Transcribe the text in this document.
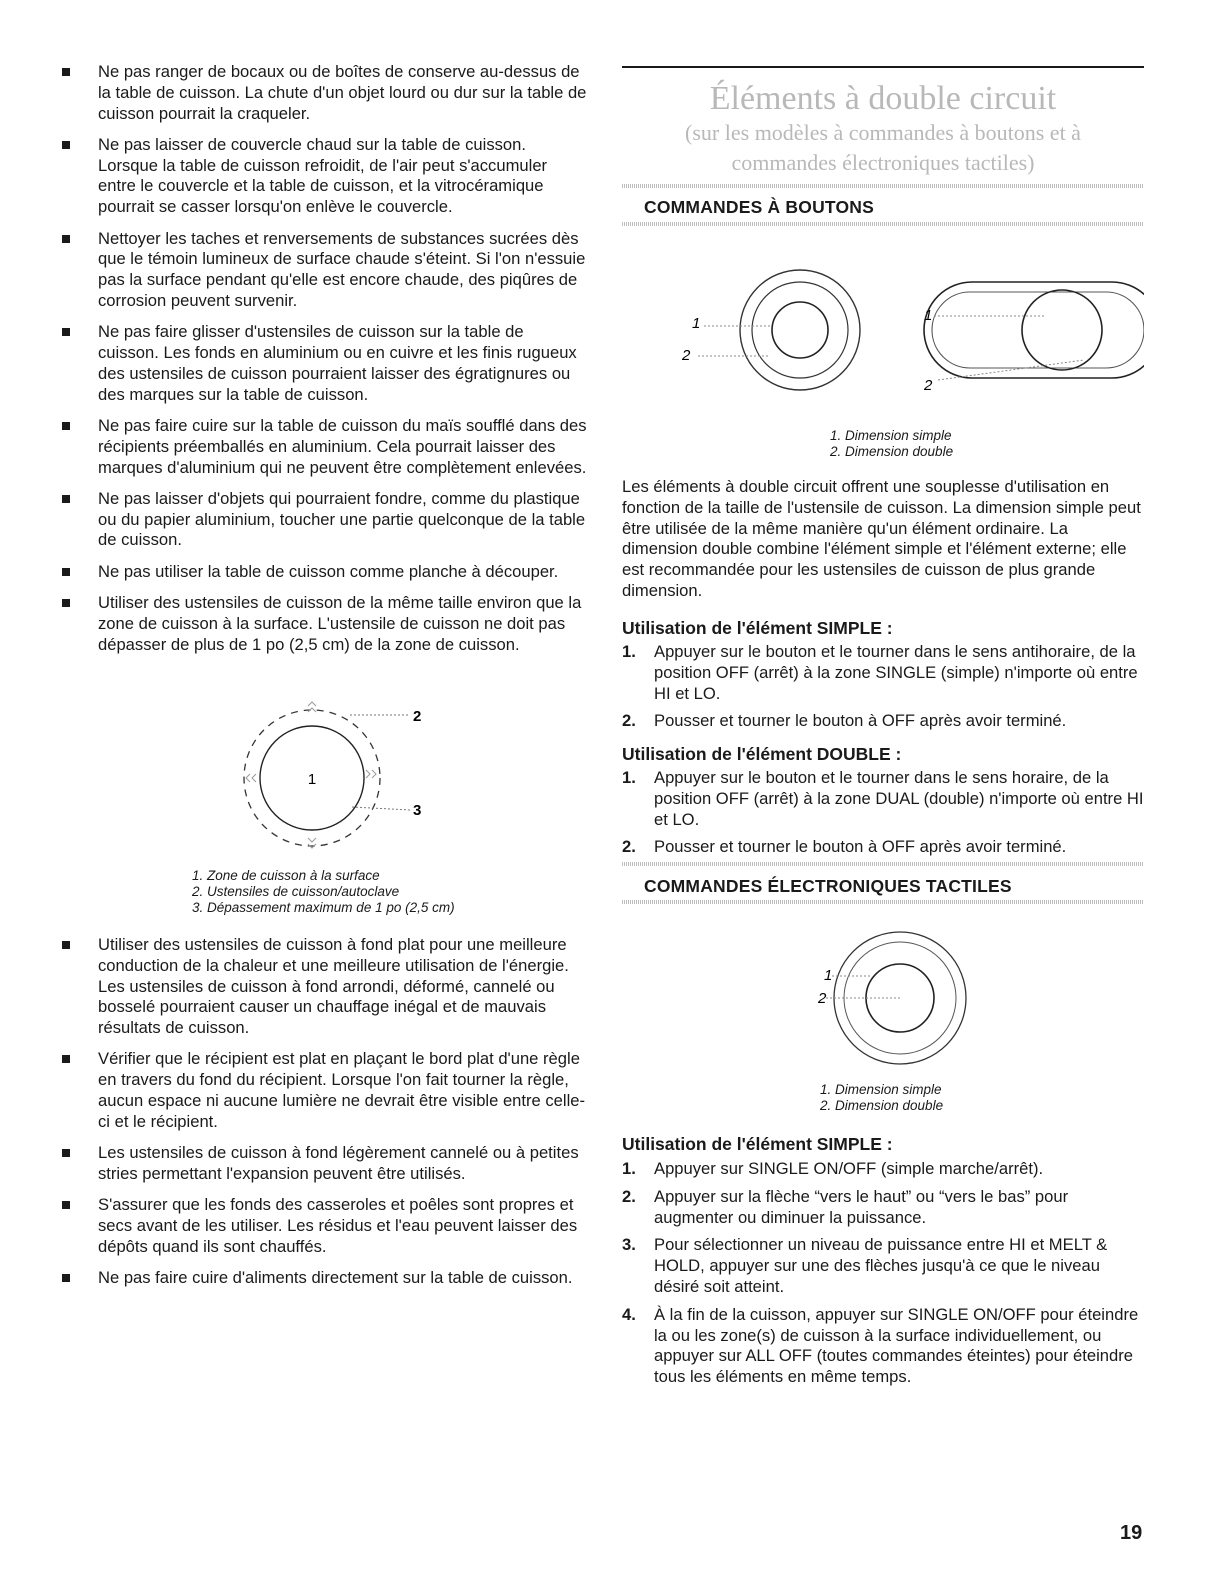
Ne pas ranger de bocaux ou de boîtes de conserve au-dessus de la table de cuisson. La chute d'un objet lourd ou dur sur la table de cuisson pourrait la craqueler.
Ne pas laisser de couvercle chaud sur la table de cuisson. Lorsque la table de cuisson refroidit, de l'air peut s'accumuler entre le couvercle et la table de cuisson, et la vitrocéramique pourrait se casser lorsqu'on enlève le couvercle.
Nettoyer les taches et renversements de substances sucrées dès que le témoin lumineux de surface chaude s'éteint. Si l'on n'essuie pas la surface pendant qu'elle est encore chaude, des piqûres de corrosion peuvent survenir.
Ne pas faire glisser d'ustensiles de cuisson sur la table de cuisson. Les fonds en aluminium ou en cuivre et les finis rugueux des ustensiles de cuisson pourraient laisser des égratignures ou des marques sur la table de cuisson.
Ne pas faire cuire sur la table de cuisson du maïs soufflé dans des récipients préemballés en aluminium. Cela pourrait laisser des marques d'aluminium qui ne peuvent être complètement enlevées.
Ne pas laisser d'objets qui pourraient fondre, comme du plastique ou du papier aluminium, toucher une partie quelconque de la table de cuisson.
Ne pas utiliser la table de cuisson comme planche à découper.
Utiliser des ustensiles de cuisson de la même taille environ que la zone de cuisson à la surface. L'ustensile de cuisson ne doit pas dépasser de plus de 1 po (2,5 cm) de la zone de cuisson.
1
2
3
1. Zone de cuisson à la surface
2. Ustensiles de cuisson/autoclave
3. Dépassement maximum de 1 po (2,5 cm)
Utiliser des ustensiles de cuisson à fond plat pour une meilleure conduction de la chaleur et une meilleure utilisation de l'énergie. Les ustensiles de cuisson à fond arrondi, déformé, cannelé ou bosselé pourraient causer un chauffage inégal et de mauvais résultats de cuisson.
Vérifier que le récipient est plat en plaçant le bord plat d'une règle en travers du fond du récipient. Lorsque l'on fait tourner la règle, aucun espace ni aucune lumière ne devrait être visible entre celle-ci et le récipient.
Les ustensiles de cuisson à fond légèrement cannelé ou à petites stries permettant l'expansion peuvent être utilisés.
S'assurer que les fonds des casseroles et poêles sont propres et secs avant de les utiliser. Les résidus et l'eau peuvent laisser des dépôts quand ils sont chauffés.
Ne pas faire cuire d'aliments directement sur la table de cuisson.
Éléments à double circuit
(sur les modèles à commandes à boutons et à
commandes électroniques tactiles)
COMMANDES À BOUTONS
1
2
1
2
1. Dimension simple
2. Dimension double

Les éléments à double circuit offrent une souplesse d'utilisation en fonction de la taille de l'ustensile de cuisson. La dimension simple peut être utilisée de la même manière qu'un élément ordinaire. La dimension double combine l'élément simple et l'élément externe; elle est recommandée pour les ustensiles de cuisson de plus grande dimension.

Utilisation de l'élément SIMPLE :
1. Appuyer sur le bouton et le tourner dans le sens antihoraire, de la position OFF (arrêt) à la zone SINGLE (simple) n'importe où entre HI et LO.
2. Pousser et tourner le bouton à OFF après avoir terminé.
Utilisation de l'élément DOUBLE :
1. Appuyer sur le bouton et le tourner dans le sens horaire, de la position OFF (arrêt) à la zone DUAL (double) n'importe où entre HI et LO.
2. Pousser et tourner le bouton à OFF après avoir terminé.
COMMANDES ÉLECTRONIQUES TACTILES
1
2
1. Dimension simple
2. Dimension double
Utilisation de l'élément SIMPLE :
1. Appuyer sur SINGLE ON/OFF (simple marche/arrêt).
2. Appuyer sur la flèche “vers le haut” ou “vers le bas” pour augmenter ou diminuer la puissance.
3. Pour sélectionner un niveau de puissance entre HI et MELT & HOLD, appuyer sur une des flèches jusqu'à ce que le niveau désiré soit atteint.
4. À la fin de la cuisson, appuyer sur SINGLE ON/OFF pour éteindre la ou les zone(s) de cuisson à la surface individuellement, ou appuyer sur ALL OFF (toutes commandes éteintes) pour éteindre tous les éléments en même temps.
19
